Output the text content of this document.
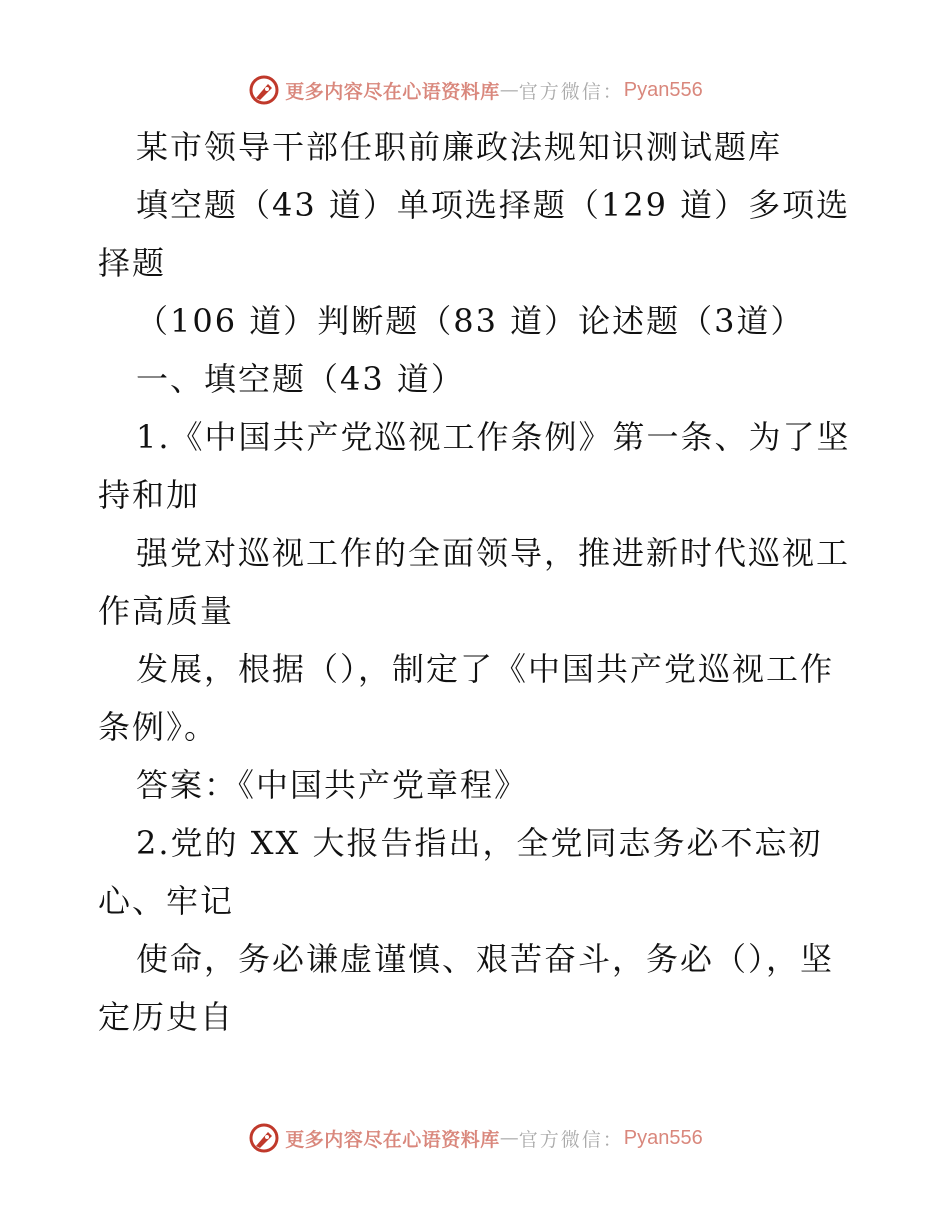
更多内容尽在心语资料库 — 官方微信： Pyan556

某市领导干部任职前廉政法规知识测试题库

填空题（43 道）单项选择题（129 道）多项选择题

（106 道）判断题（83 道）论述题（3道）

一、填空题（43 道）

1.《中国共产党巡视工作条例》第一条、为了坚持和加

强党对巡视工作的全面领导，推进新时代巡视工作高质量

发展，根据（），制定了《中国共产党巡视工作条例》。

答案：《中国共产党章程》

2.党的 XX 大报告指出，全党同志务必不忘初心、牢记

使命，务必谦虚谨慎、艰苦奋斗，务必（），坚定历史自

更多内容尽在心语资料库 — 官方微信： Pyan556
